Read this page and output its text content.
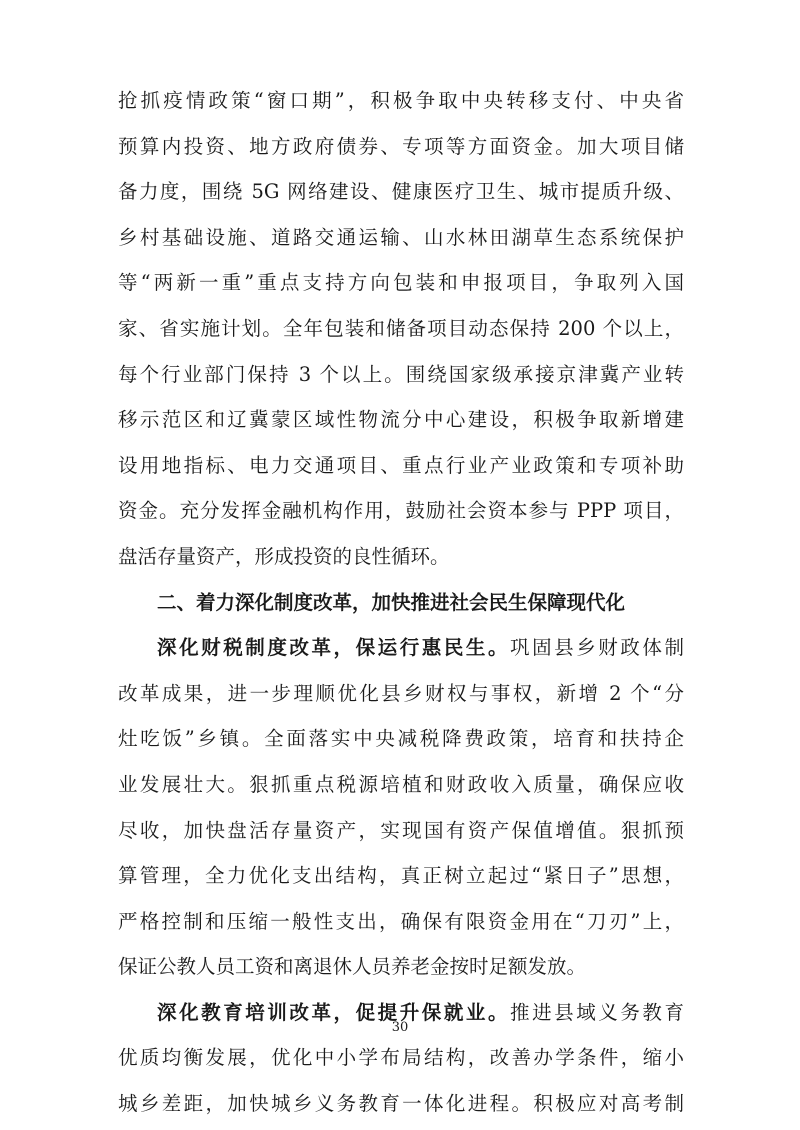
抢抓疫情政策“窗口期”，积极争取中央转移支付、中央省
预算内投资、地方政府债券、专项等方面资金。加大项目储
备力度，围绕 5G 网络建设、健康医疗卫生、城市提质升级、
乡村基础设施、道路交通运输、山水林田湖草生态系统保护
等“两新一重”重点支持方向包装和申报项目，争取列入国
家、省实施计划。全年包装和储备项目动态保持 200 个以上，
每个行业部门保持 3 个以上。围绕国家级承接京津冀产业转
移示范区和辽冀蒙区域性物流分中心建设，积极争取新增建
设用地指标、电力交通项目、重点行业产业政策和专项补助
资金。充分发挥金融机构作用，鼓励社会资本参与 PPP 项目，
盘活存量资产，形成投资的良性循环。
二、着力深化制度改革，加快推进社会民生保障现代化
深化财税制度改革，保运行惠民生。巩固县乡财政体制
改革成果，进一步理顺优化县乡财权与事权，新增 2 个“分
灶吃饭”乡镇。全面落实中央减税降费政策，培育和扶持企
业发展壮大。狠抓重点税源培植和财政收入质量，确保应收
尽收，加快盘活存量资产，实现国有资产保值增值。狠抓预
算管理，全力优化支出结构，真正树立起过“紧日子”思想，
严格控制和压缩一般性支出，确保有限资金用在“刀刃”上，
保证公教人员工资和离退休人员养老金按时足额发放。
深化教育培训改革，促提升保就业。推进县域义务教育
优质均衡发展，优化中小学布局结构，改善办学条件，缩小
城乡差距，加快城乡义务教育一体化进程。积极应对高考制
30
